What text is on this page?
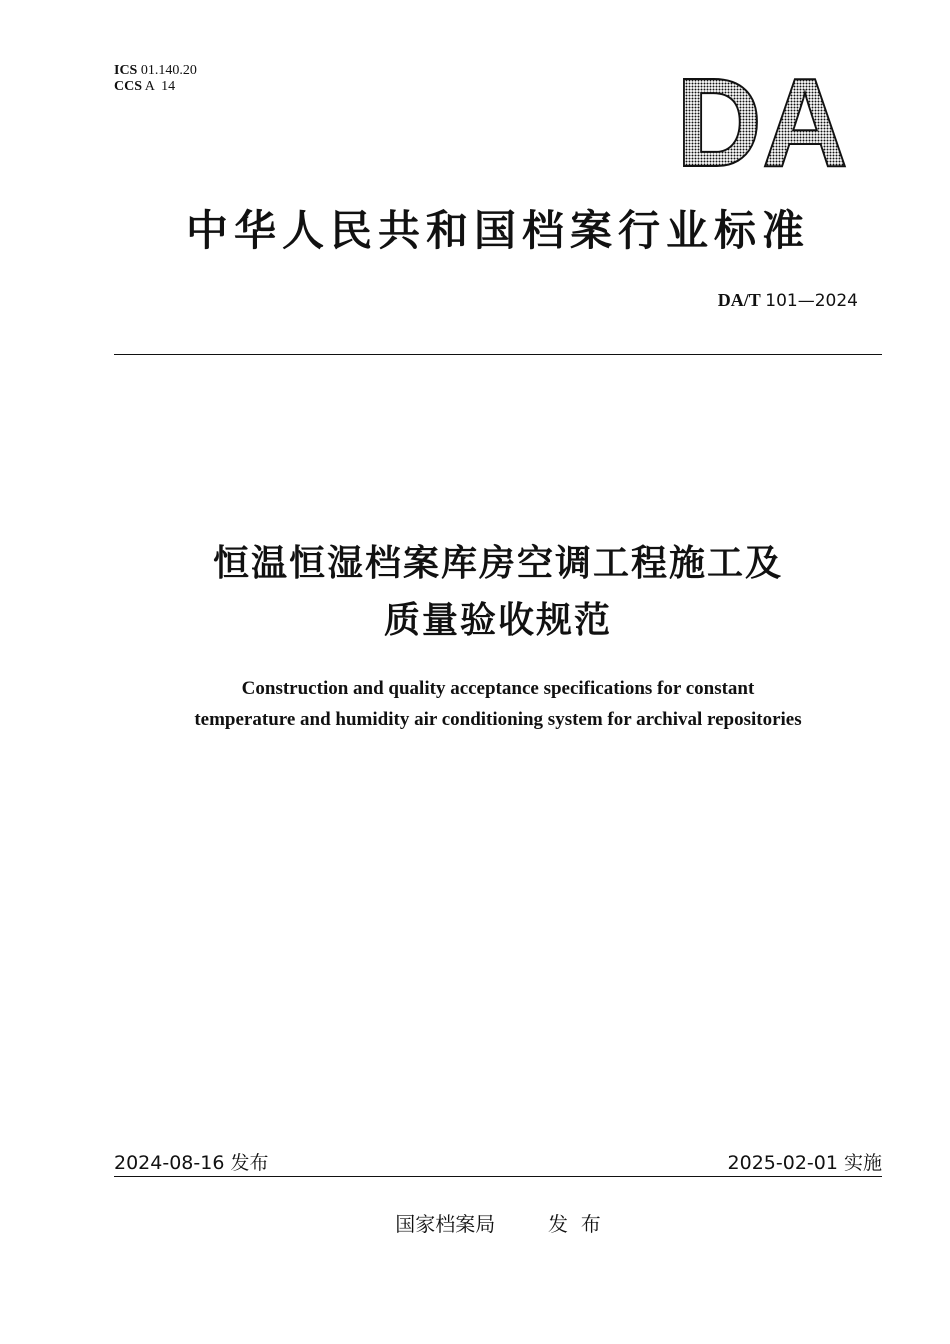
ICS 01.140.20
CCS A  14	DA
中华人民共和国档案行业标准
DA/T 101—2024
恒温恒湿档案库房空调工程施工及
质量验收规范
Construction and quality acceptance specifications for constant
temperature and humidity air conditioning system for archival repositories
2024-08-16 发布	2025-02-01 实施
国家档案局	发  布
